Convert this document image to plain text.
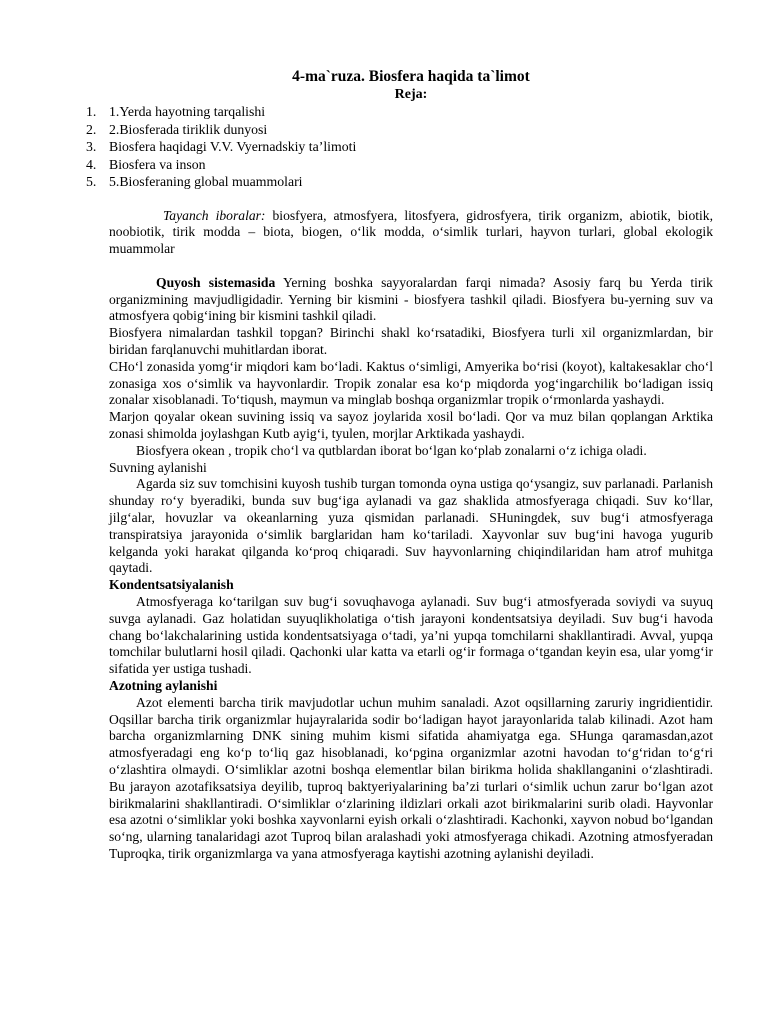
4-ma`ruza. Biosfera haqida ta`limot
Reja:
1. 1.Yerda hayotning tarqalishi
2. 2.Biosferada tiriklik dunyosi
3. Biosfera haqidagi V.V. Vyernadskiy ta’limoti
4. Biosfera va inson
5. 5.Biosferaning global muammolari

Tayanch iboralar: biosfyera, atmosfyera, litosfyera, gidrosfyera, tirik organizm, abiotik, biotik, noobiotik, tirik modda – biota, biogen, o‘lik modda, o‘simlik turlari, hayvon turlari, global ekologik muammolar

Quyosh sistemasida Yerning boshka sayyoralardan farqi nimada? Asosiy farq bu Yerda tirik organizmining mavjudligidadir. Yerning bir kismini - biosfyera tashkil qiladi. Biosfyera bu-yerning suv va atmosfyera qobig‘ining bir kismini tashkil qiladi.

Biosfyera nimalardan tashkil topgan? Birinchi shakl ko‘rsatadiki, Biosfyera turli xil organizmlardan, bir biridan farqlanuvchi muhitlardan iborat.

CHo‘l zonasida yomg‘ir miqdori kam bo‘ladi. Kaktus o‘simligi, Amyerika bo‘risi (koyot), kaltakesaklar cho‘l zonasiga xos o‘simlik va hayvonlardir. Tropik zonalar esa ko‘p miqdorda yog‘ingarchilik bo‘ladigan issiq zonalar xisoblanadi. To‘tiqush, maymun va minglab boshqa organizmlar tropik o‘rmonlarda yashaydi.

Marjon qoyalar okean suvining issiq va sayoz joylarida xosil bo‘ladi. Qor va muz bilan qoplangan Arktika zonasi shimolda joylashgan Kutb ayig‘i, tyulen, morjlar Arktikada yashaydi.

Biosfyera okean , tropik cho‘l va qutblardan iborat bo‘lgan ko‘plab zonalarni o‘z ichiga oladi.

Suvning aylanishi

Agarda siz suv tomchisini kuyosh tushib turgan tomonda oyna ustiga qo‘ysangiz, suv parlanadi. Parlanish shunday ro‘y byeradiki, bunda suv bug‘iga aylanadi va gaz shaklida atmosfyeraga chiqadi. Suv ko‘llar, jilg‘alar, hovuzlar va okeanlarning yuza qismidan parlanadi. SHuningdek, suv bug‘i atmosfyeraga transpiratsiya jarayonida o‘simlik barglaridan ham ko‘tariladi. Xayvonlar suv bug‘ini havoga yugurib kelganda yoki harakat qilganda ko‘proq chiqaradi. Suv hayvonlarning chiqindilaridan ham atrof muhitga qaytadi.

Kondentsatsiyalanish

Atmosfyeraga ko‘tarilgan suv bug‘i sovuqhavoga aylanadi. Suv bug‘i atmosfyerada soviydi va suyuq suvga aylanadi. Gaz holatidan suyuqlikholatiga o‘tish jarayoni kondentsatsiya deyiladi. Suv bug‘i havoda chang bo‘lakchalarining ustida kondentsatsiyaga o‘tadi, ya’ni yupqa tomchilarni shakllantiradi. Avval, yupqa tomchilar bulutlarni hosil qiladi. Qachonki ular katta va etarli og‘ir formaga o‘tgandan keyin esa, ular yomg‘ir sifatida yer ustiga tushadi.

Azotning aylanishi

Azot elementi barcha tirik mavjudotlar uchun muhim sanaladi. Azot oqsillarning zaruriy ingridientidir. Oqsillar barcha tirik organizmlar hujayralarida sodir bo‘ladigan hayot jarayonlarida talab kilinadi. Azot ham barcha organizmlarning DNK sining muhim kismi sifatida ahamiyatga ega. SHunga qaramasdan,azot atmosfyeradagi eng ko‘p to‘liq gaz hisoblanadi, ko‘pgina organizmlar azotni havodan to‘g‘ridan to‘g‘ri o‘zlashtira olmaydi. O‘simliklar azotni boshqa elementlar bilan birikma holida shakllanganini o‘zlashtiradi. Bu jarayon azotafiksatsiya deyilib, tuproq baktyeriyalarining ba’zi turlari o‘simlik uchun zarur bo‘lgan azot birikmalarini shakllantiradi. O‘simliklar o‘zlarining ildizlari orkali azot birikmalarini surib oladi. Hayvonlar esa azotni o‘simliklar yoki boshka xayvonlarni eyish orkali o‘zlashtiradi. Kachonki, xayvon nobud bo‘lgandan so‘ng, ularning tanalaridagi azot Tuproq bilan aralashadi yoki atmosfyeraga chikadi. Azotning atmosfyeradan Tuproqka, tirik organizmlarga va yana atmosfyeraga kaytishi azotning aylanishi deyiladi.
